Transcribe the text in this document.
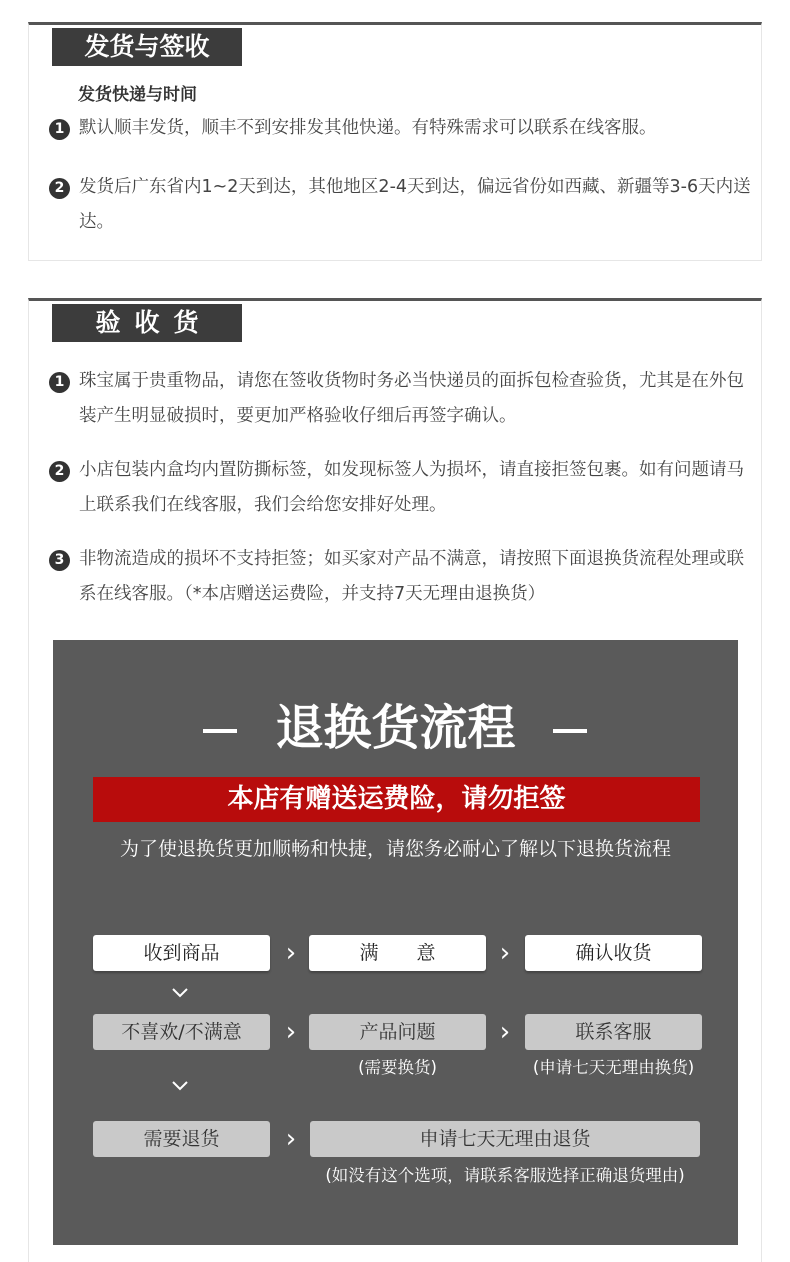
发货与签收
发货快递与时间
1 默认顺丰发货，顺丰不到安排发其他快递。有特殊需求可以联系在线客服。
2 发货后广东省内1~2天到达，其他地区2-4天到达，偏远省份如西藏、新疆等3-6天内送达。
验收货
1 珠宝属于贵重物品，请您在签收货物时务必当快递员的面拆包检查验货，尤其是在外包装产生明显破损时，要更加严格验收仔细后再签字确认。
2 小店包装内盒均内置防撕标签，如发现标签人为损坏，请直接拒签包裹。如有问题请马上联系我们在线客服，我们会给您安排好处理。
3 非物流造成的损坏不支持拒签；如买家对产品不满意，请按照下面退换货流程处理或联系在线客服。（*本店赠送运费险，并支持7天无理由退换货）
退换货流程
本店有赠送运费险，请勿拒签
为了使退换货更加顺畅和快捷，请您务必耐心了解以下退换货流程
收到商品	›	满　　意	›	确认收货
不喜欢/不满意	›	产品问题	›	联系客服
(需要换货)	(申请七天无理由换货)
需要退货	›	申请七天无理由退货
(如没有这个选项，请联系客服选择正确退货理由)
